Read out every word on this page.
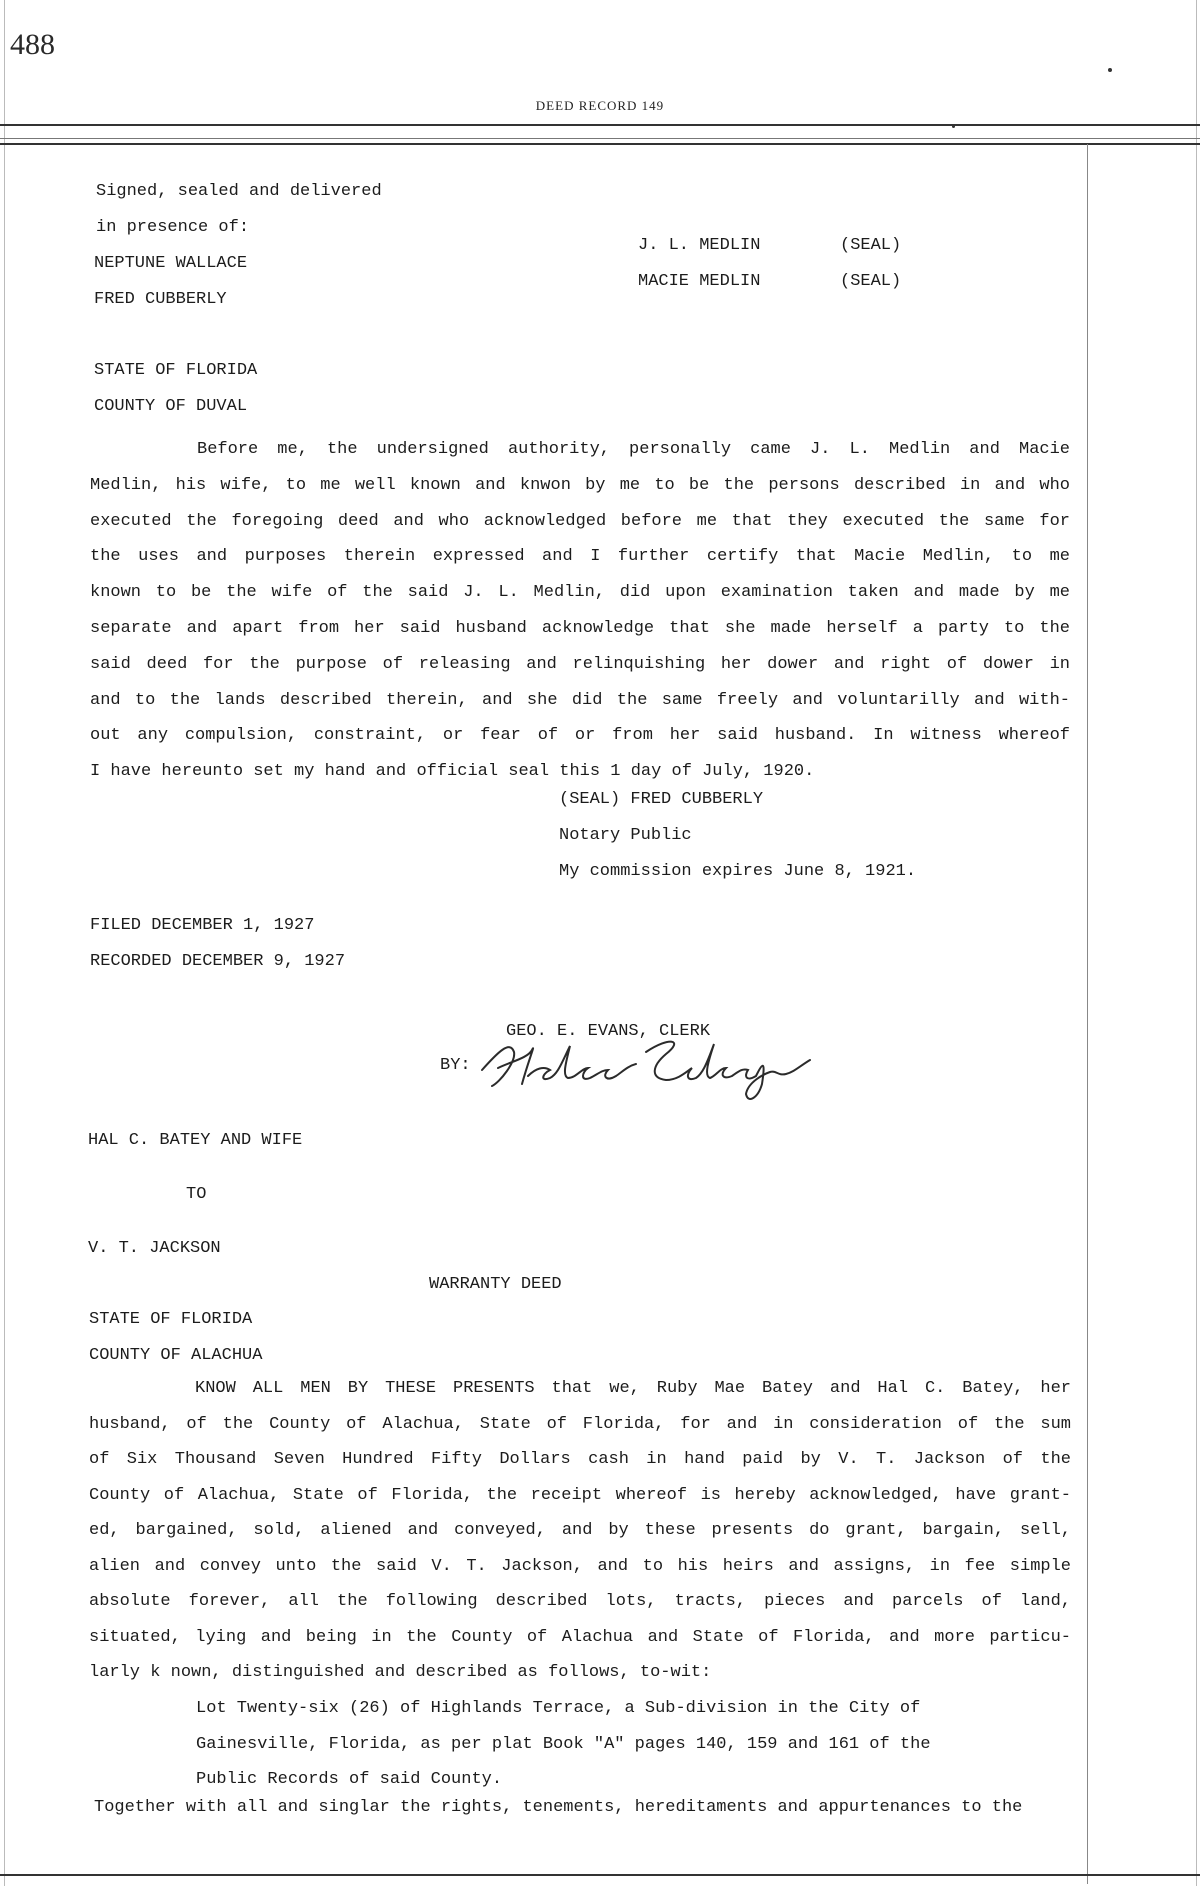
488
DEED RECORD 149
Signed, sealed and delivered
in presence of:
NEPTUNE WALLACE
FRED CUBBERLY
J. L. MEDLIN	(SEAL)
MACIE MEDLIN	(SEAL)
STATE OF FLORIDA
COUNTY OF DUVAL
Before me, the undersigned authority, personally came J. L. Medlin and Macie
Medlin, his wife, to me well known and knwon by me to be the persons described in and who
executed the foregoing deed and who acknowledged before me that they executed the same for
the uses and purposes therein expressed and I further certify that Macie Medlin, to me
known to be the wife of the said J. L. Medlin, did upon examination taken and made by me
separate and apart from her said husband acknowledge that she made herself a party to the
said deed for the purpose of releasing and relinquishing her dower and right of dower in
and to the lands described therein, and she did the same freely and voluntarilly and with-
out any compulsion, constraint, or fear of or from her said husband. In witness whereof
I have hereunto set my hand and official seal this 1 day of July, 1920.
(SEAL) FRED CUBBERLY
Notary Public
My commission expires June 8, 1921.
FILED DECEMBER 1, 1927
RECORDED DECEMBER 9, 1927
GEO. E. EVANS, CLERK
BY:
HAL C. BATEY AND WIFE
TO
V. T. JACKSON
WARRANTY DEED
STATE OF FLORIDA
COUNTY OF ALACHUA
KNOW ALL MEN BY THESE PRESENTS that we, Ruby Mae Batey and Hal C. Batey, her
husband, of the County of Alachua, State of Florida, for and in consideration of the sum
of Six Thousand Seven Hundred Fifty Dollars cash in hand paid by V. T. Jackson of the
County of Alachua, State of Florida, the receipt whereof is hereby acknowledged, have grant-
ed, bargained, sold, aliened and conveyed, and by these presents do grant, bargain, sell,
alien and convey unto the said V. T. Jackson, and to his heirs and assigns, in fee simple
absolute forever, all the following described lots, tracts, pieces and parcels of land,
situated, lying and being in the County of Alachua and State of Florida, and more particu-
larly k nown, distinguished and described as follows, to-wit:
Lot Twenty-six (26) of Highlands Terrace, a Sub-division in the City of
Gainesville, Florida, as per plat Book "A" pages 140, 159 and 161 of the
Public Records of said County.
Together with all and singlar the rights, tenements, hereditaments and appurtenances to the
